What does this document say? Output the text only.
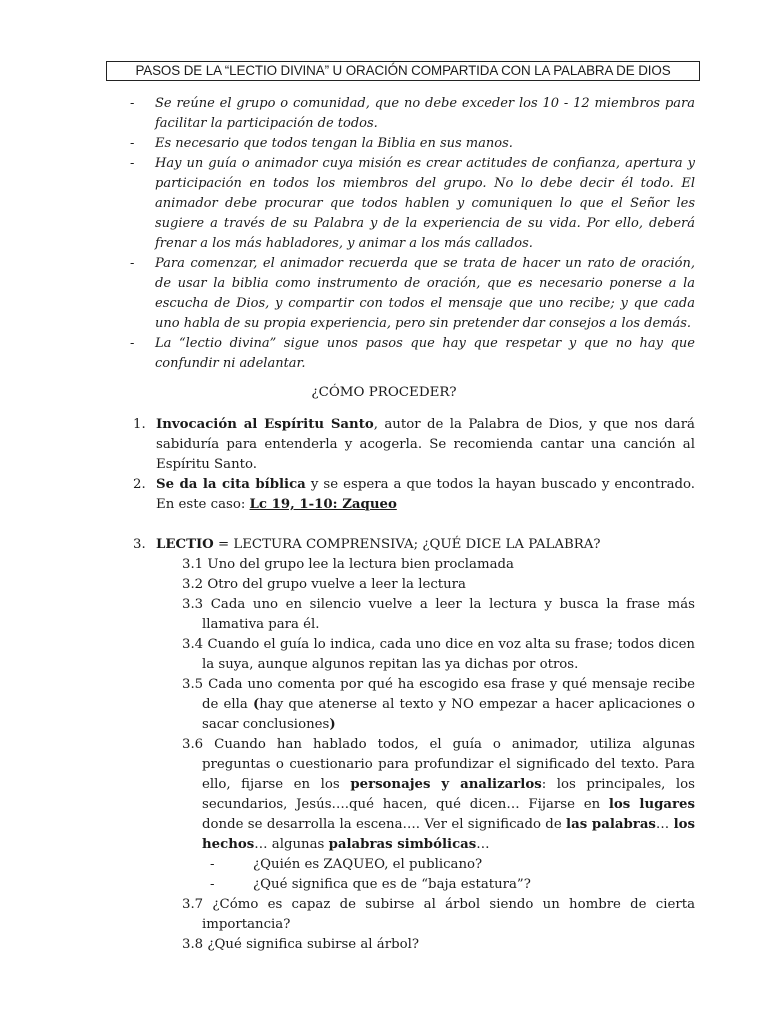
PASOS DE LA “LECTIO DIVINA” U ORACIÓN COMPARTIDA CON LA PALABRA DE DIOS
- Se reúne el grupo o comunidad, que no debe exceder los 10 - 12 miembros para facilitar la participación de todos.
- Es necesario que todos tengan la Biblia en sus manos.
- Hay un guía o animador cuya misión es crear actitudes de confianza, apertura y participación en todos los miembros del grupo. No lo debe decir él todo. El animador debe procurar que todos hablen y comuniquen lo que el Señor les sugiere a través de su Palabra y de la experiencia de su vida. Por ello, deberá frenar a los más habladores, y animar a los más callados.
- Para comenzar, el animador recuerda que se trata de hacer un rato de oración, de usar la biblia como instrumento de oración, que es necesario ponerse a la escucha de Dios, y compartir con todos el mensaje que uno recibe; y que cada uno habla de su propia experiencia, pero sin pretender dar consejos a los demás.
- La “lectio divina” sigue unos pasos que hay que respetar y que no hay que confundir ni adelantar.
¿CÓMO PROCEDER?
1. Invocación al Espíritu Santo, autor de la Palabra de Dios, y que nos dará sabiduría para entenderla y acogerla. Se recomienda cantar una canción al Espíritu Santo.
2. Se da la cita bíblica y se espera a que todos la hayan buscado y encontrado. En este caso: Lc 19, 1-10: Zaqueo
3. LECTIO = LECTURA COMPRENSIVA; ¿QUÉ DICE LA PALABRA?
3.1 Uno del grupo lee la lectura bien proclamada
3.2 Otro del grupo vuelve a leer la lectura
3.3 Cada uno en silencio vuelve a leer la lectura y busca la frase más llamativa para él.
3.4 Cuando el guía lo indica, cada uno dice en voz alta su frase; todos dicen la suya, aunque algunos repitan las ya dichas por otros.
3.5 Cada uno comenta por qué ha escogido esa frase y qué mensaje recibe de ella (hay que atenerse al texto y NO empezar a hacer aplicaciones o sacar conclusiones)
3.6 Cuando han hablado todos, el guía o animador, utiliza algunas preguntas o cuestionario para profundizar el significado del texto. Para ello, fijarse en los personajes y analizarlos: los principales, los secundarios, Jesús….qué hacen, qué dicen… Fijarse en los lugares donde se desarrolla la escena…. Ver el significado de las palabras… los hechos… algunas palabras simbólicas…
-	¿Quién es ZAQUEO, el publicano?
-	¿Qué significa que es de “baja estatura”?
3.7 ¿Cómo es capaz de subirse al árbol siendo un hombre de cierta importancia?
3.8 ¿Qué significa subirse al árbol?
